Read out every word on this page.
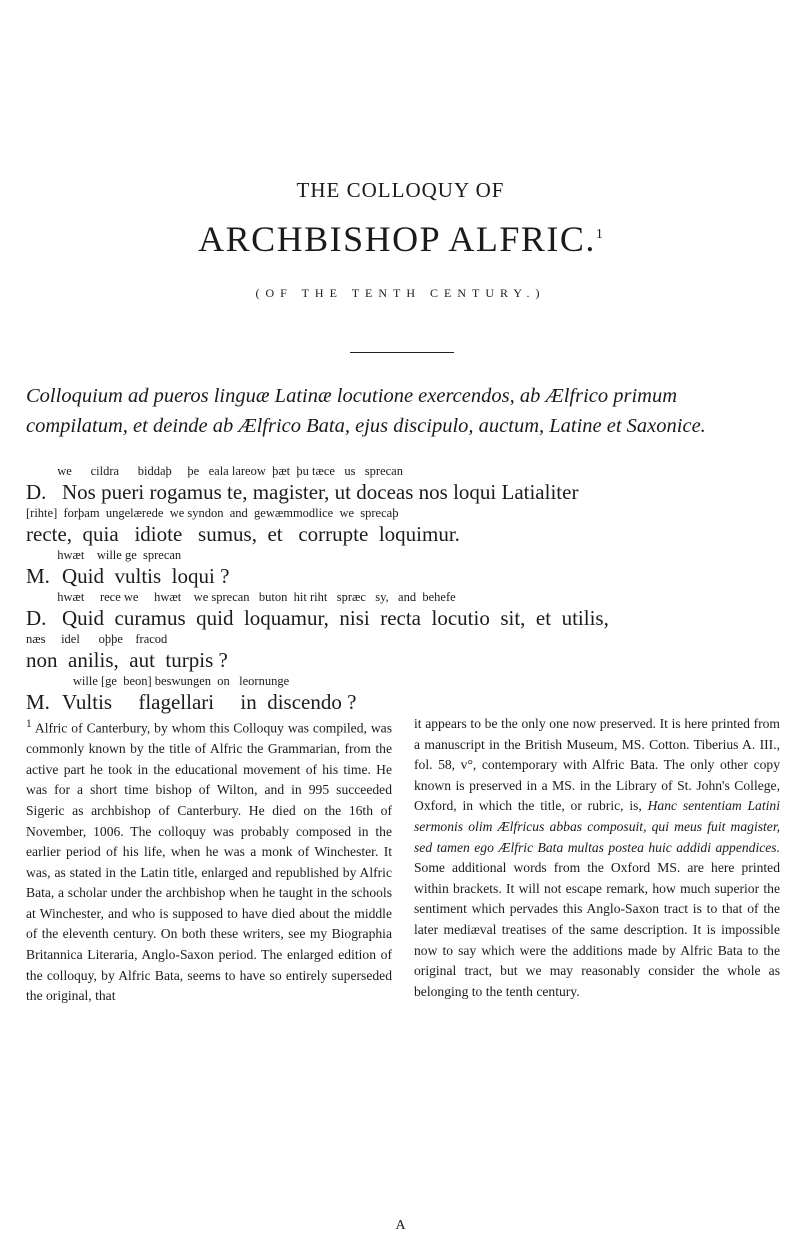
THE COLLOQUY OF
ARCHBISHOP ALFRIC.$^1$
(OF THE TENTH CENTURY.)
Colloquium ad pueros linguæ Latinæ locutione exercendos, ab Ælfrico primum compilatum, et deinde ab Ælfrico Bata, ejus discipulo, auctum, Latine et Saxonice.
we      cildra      biddaþ     þe   eala lareow  þæt  þu tæce   us   sprecan
D. Nos pueri rogamus te, magister, ut doceas nos loqui Latialiter
[rihte]  forþam  ungelærede  we syndon  and  gewæmmodlice  we  sprecaþ
recte,  quia   idiote   sumus,  et   corrupte  loquimur.
hwæt    wille ge  sprecan
M. Quid  vultis  loqui ?
hwæt     rece we     hwæt    we sprecan   buton  hit riht   spræc   sy,   and  behefe
D. Quid  curamus  quid  loquamur,  nisi  recta  locutio  sit,  et  utilis,
næs     idel      oþþe    fracod
non  anilis,  aut  turpis ?
wille [ge  beon] beswungen  on   leornunge
M. Vultis     flagellari     in  discendo ?

$^1$ Alfric of Canterbury, by whom this Colloquy was compiled, was commonly known by the title of Alfric the Grammarian, from the active part he took in the educational movement of his time. He was for a short time bishop of Wilton, and in 995 succeeded Sigeric as archbishop of Canterbury. He died on the 16th of November, 1006. The colloquy was probably composed in the earlier period of his life, when he was a monk of Winchester. It was, as stated in the Latin title, enlarged and republished by Alfric Bata, a scholar under the archbishop when he taught in the schools at Winchester, and who is supposed to have died about the middle of the eleventh century. On both these writers, see my Biographia Britannica Literaria, Anglo-Saxon period. The enlarged edition of the colloquy, by Alfric Bata, seems to have so entirely superseded the original, that

it appears to be the only one now preserved. It is here printed from a manuscript in the British Museum, MS. Cotton. Tiberius A. III., fol. 58, v°, contemporary with Alfric Bata. The only other copy known is preserved in a MS. in the Library of St. John's College, Oxford, in which the title, or rubric, is, Hanc sententiam Latini sermonis olim Ælfricus abbas composuit, qui meus fuit magister, sed tamen ego Ælfric Bata multas postea huic addidi appendices. Some additional words from the Oxford MS. are here printed within brackets. It will not escape remark, how much superior the sentiment which pervades this Anglo-Saxon tract is to that of the later mediæval treatises of the same description. It is impossible now to say which were the additions made by Alfric Bata to the original tract, but we may reasonably consider the whole as belonging to the tenth century.

A
